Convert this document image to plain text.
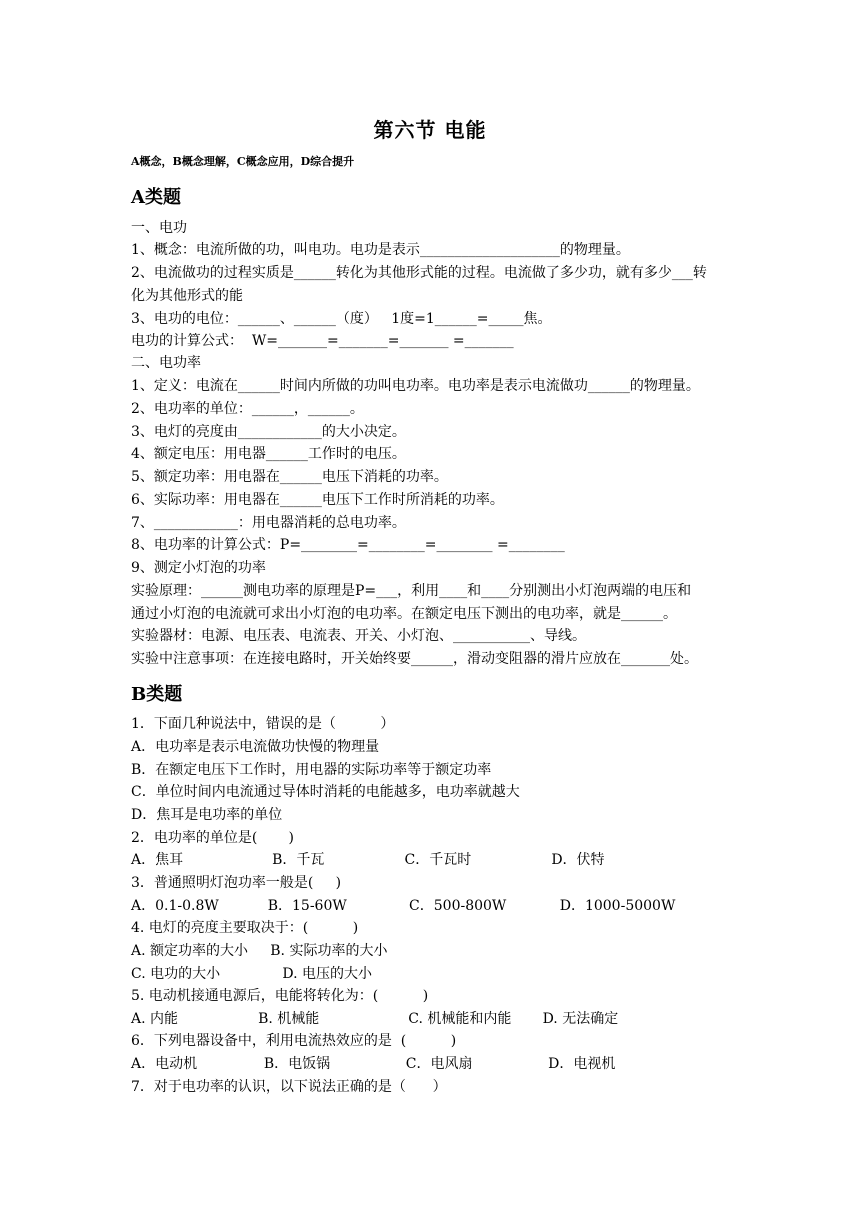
第六节 电能
A概念，B概念理解，C概念应用，D综合提升
A类题
一、电功
1、概念：电流所做的功，叫电功。电功是表示____________________的物理量。
2、电流做功的过程实质是______转化为其他形式能的过程。电流做了多少功，就有多少___转
化为其他形式的能
3、电功的电位：______、______（度）   1度=1______=_____焦。
电功的计算公式：  W=_______=_______=_______ =_______
二、电功率
1、定义：电流在______时间内所做的功叫电功率。电功率是表示电流做功______的物理量。
2、电功率的单位：______，______。
3、电灯的亮度由____________的大小决定。
4、额定电压：用电器______工作时的电压。
5、额定功率：用电器在______电压下消耗的功率。
6、实际功率：用电器在______电压下工作时所消耗的功率。
7、____________：用电器消耗的总电功率。
8、电功率的计算公式：P=________=________=________ =________
9、测定小灯泡的功率
实验原理：______测电功率的原理是P=___，利用____和____分别测出小灯泡两端的电压和
通过小灯泡的电流就可求出小灯泡的电功率。在额定电压下测出的电功率，就是______。
实验器材：电源、电压表、电流表、开关、小灯泡、___________、导线。
实验中注意事项：在连接电路时，开关始终要______，滑动变阻器的滑片应放在_______处。
B类题
1．下面几种说法中，错误的是（          ）
A．电功率是表示电流做功快慢的物理量
B．在额定电压下工作时，用电器的实际功率等于额定功率
C．单位时间内电流通过导体时消耗的电能越多，电功率就越大
D．焦耳是电功率的单位
2．电功率的单位是(       )
A．焦耳                    B．千瓦                  C．千瓦时                  D．伏特
3．普通照明灯泡功率一般是(     )
A．0.1-0.8W           B．15-60W              C．500-800W            D．1000-5000W
4. 电灯的亮度主要取决于：(          )
A. 额定功率的大小     B. 实际功率的大小
C. 电功的大小              D. 电压的大小
5. 电动机接通电源后，电能将转化为：(          )
A. 内能                  B. 机械能                    C. 机械能和内能       D. 无法确定
6．下列电器设备中，利用电流热效应的是  (          )
A．电动机               B．电饭锅                 C．电风扇                 D．电视机
7．对于电功率的认识，以下说法正确的是（      ）
